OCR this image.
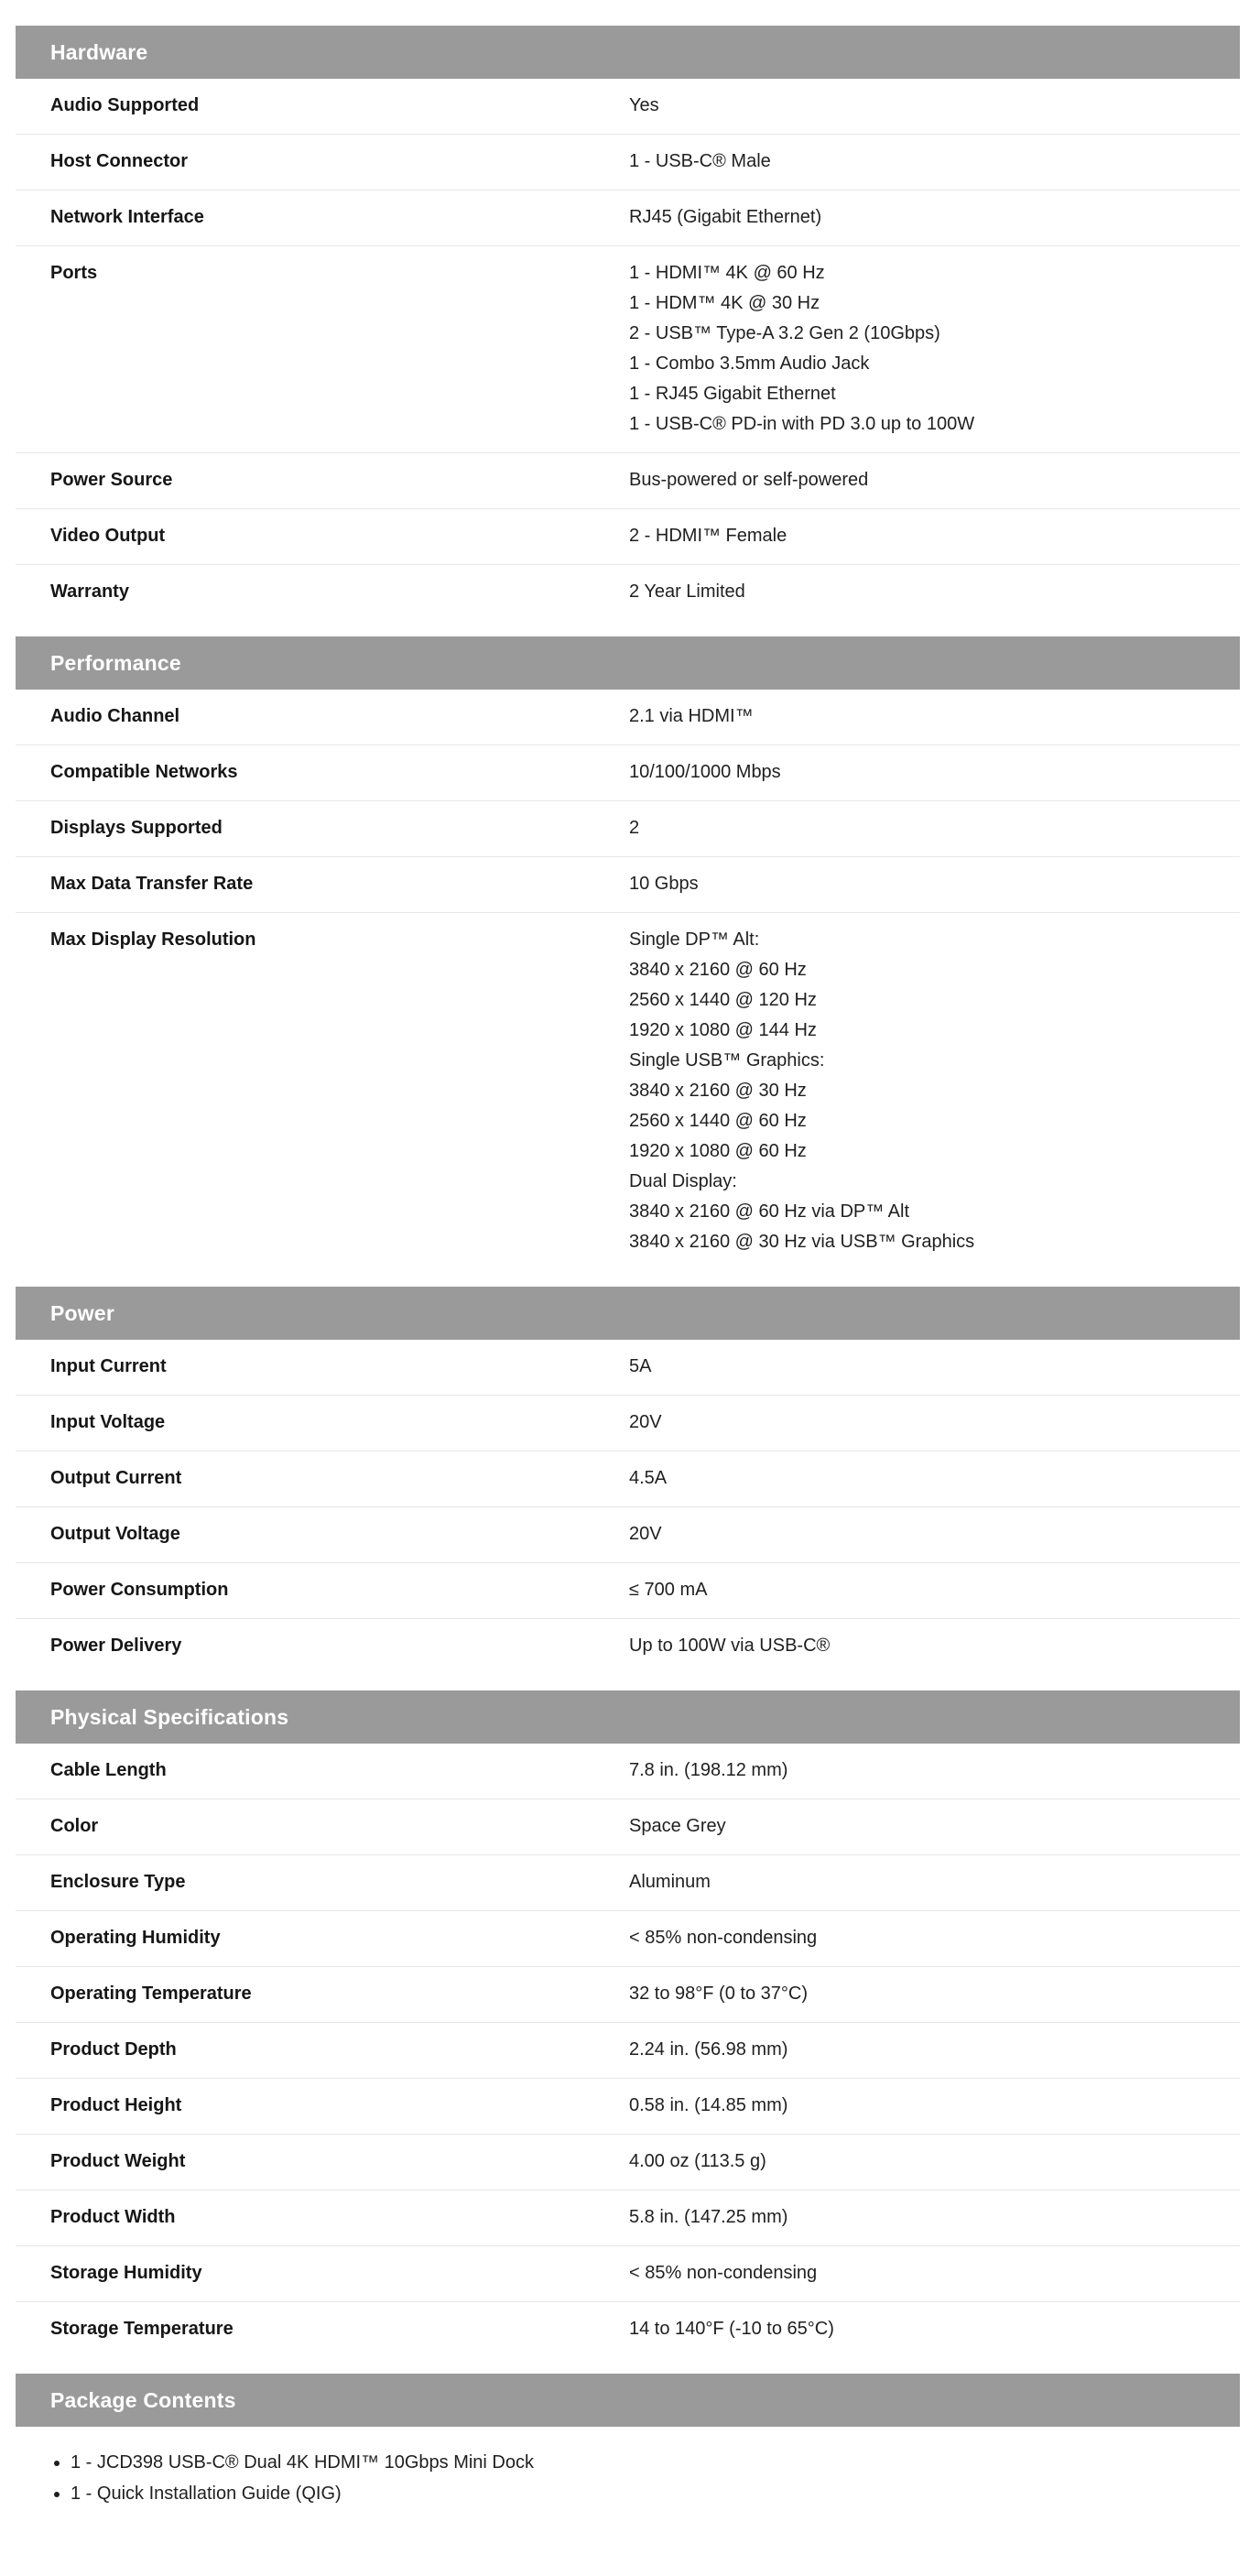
Hardware
Audio Supported	Yes
Host Connector	1 - USB-C® Male
Network Interface	RJ45 (Gigabit Ethernet)
Ports	1 - HDMI™ 4K @ 60 Hz
1 - HDM™ 4K @ 30 Hz
2 - USB™ Type-A 3.2 Gen 2 (10Gbps)
1 - Combo 3.5mm Audio Jack
1 - RJ45 Gigabit Ethernet
1 - USB-C® PD-in with PD 3.0 up to 100W
Power Source	Bus-powered or self-powered
Video Output	2 - HDMI™ Female
Warranty	2 Year Limited
Performance
Audio Channel	2.1 via HDMI™
Compatible Networks	10/100/1000 Mbps
Displays Supported	2
Max Data Transfer Rate	10 Gbps
Max Display Resolution	Single DP™ Alt:
3840 x 2160 @ 60 Hz
2560 x 1440 @ 120 Hz
1920 x 1080 @ 144 Hz
Single USB™ Graphics:
3840 x 2160 @ 30 Hz
2560 x 1440 @ 60 Hz
1920 x 1080 @ 60 Hz
Dual Display:
3840 x 2160 @ 60 Hz via DP™ Alt
3840 x 2160 @ 30 Hz via USB™ Graphics
Power
Input Current	5A
Input Voltage	20V
Output Current	4.5A
Output Voltage	20V
Power Consumption	≤ 700 mA
Power Delivery	Up to 100W via USB-C®
Physical Specifications
Cable Length	7.8 in. (198.12 mm)
Color	Space Grey
Enclosure Type	Aluminum
Operating Humidity	< 85% non-condensing
Operating Temperature	32 to 98°F (0 to 37°C)
Product Depth	2.24 in. (56.98 mm)
Product Height	0.58 in. (14.85 mm)
Product Weight	4.00 oz (113.5 g)
Product Width	5.8 in. (147.25 mm)
Storage Humidity	< 85% non-condensing
Storage Temperature	14 to 140°F (-10 to 65°C)
Package Contents
• 1 - JCD398 USB-C® Dual 4K HDMI™ 10Gbps Mini Dock
• 1 - Quick Installation Guide (QIG)
